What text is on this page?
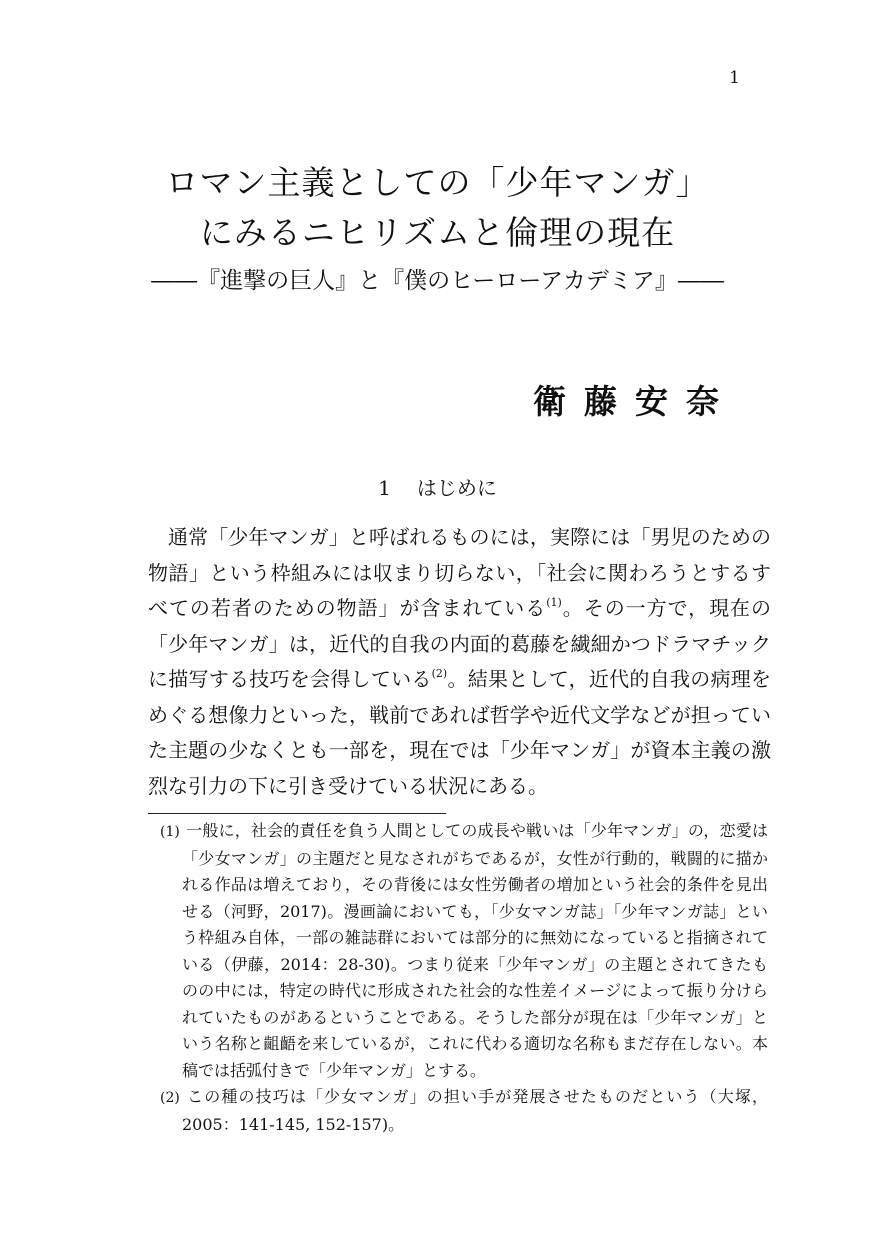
1
ロマン主義としての「少年マンガ」
にみるニヒリズムと倫理の現在
――『進撃の巨人』と『僕のヒーローアカデミア』――
衛藤安奈
1 はじめに
通常「少年マンガ」と呼ばれるものには，実際には「男児のための物語」という枠組みには収まり切らない，「社会に関わろうとするすべての若者のための物語」が含まれている$^{(1)}$。その一方で，現在の「少年マンガ」は，近代的自我の内面的葛藤を繊細かつドラマチックに描写する技巧を会得している$^{(2)}$。結果として，近代的自我の病理をめぐる想像力といった，戦前であれば哲学や近代文学などが担っていた主題の少なくとも一部を，現在では「少年マンガ」が資本主義の激烈な引力の下に引き受けている状況にある。
(1) 一般に，社会的責任を負う人間としての成長や戦いは「少年マンガ」の，恋愛は「少女マンガ」の主題だと見なされがちであるが，女性が行動的，戦闘的に描かれる作品は増えており，その背後には女性労働者の増加という社会的条件を見出せる（河野，2017)。漫画論においても，「少女マンガ誌」「少年マンガ誌」という枠組み自体，一部の雑誌群においては部分的に無効になっていると指摘されている（伊藤，2014：28-30)。つまり従来「少年マンガ」の主題とされてきたものの中には，特定の時代に形成された社会的な性差イメージによって振り分けられていたものがあるということである。そうした部分が現在は「少年マンガ」という名称と齟齬を来しているが，これに代わる適切な名称もまだ存在しない。本稿では括弧付きで「少年マンガ」とする。
(2) この種の技巧は「少女マンガ」の担い手が発展させたものだという（大塚，2005：141-145, 152-157)。
